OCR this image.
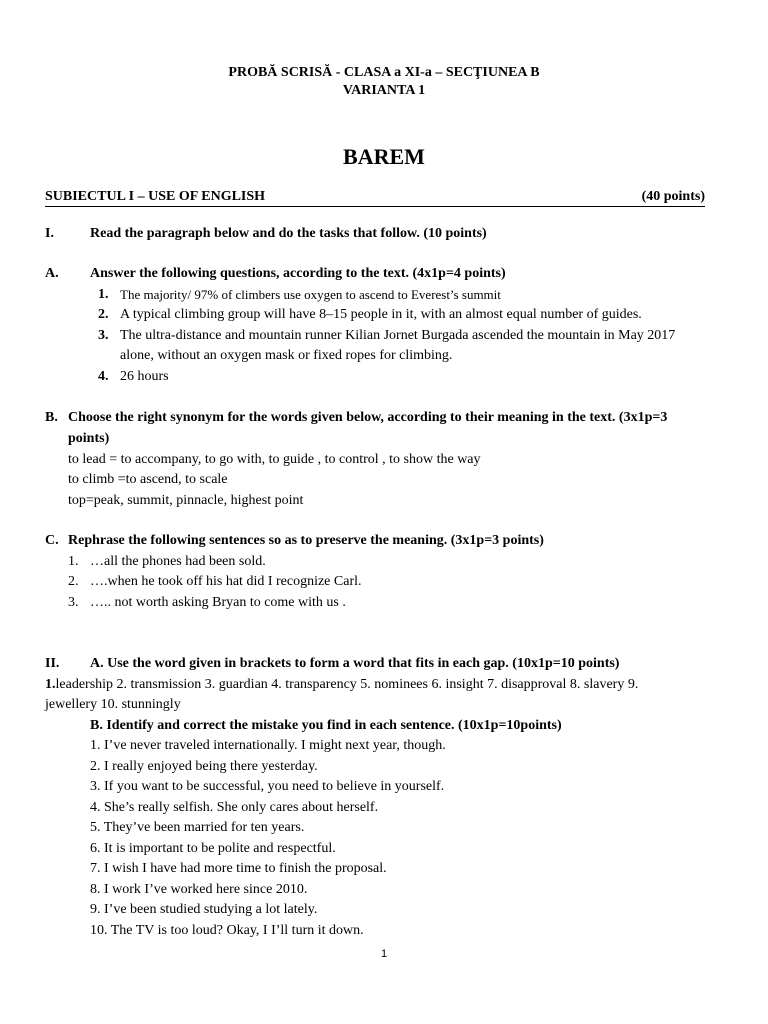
PROBĂ SCRISĂ - CLASA a XI-a – SECŢIUNEA B
VARIANTA 1
BAREM
SUBIECTUL I – USE OF ENGLISH	(40 points)
I.	Read the paragraph below and do the tasks that follow. (10 points)
A. Answer the following questions, according to the text. (4x1p=4 points)
1. The majority/ 97% of climbers use oxygen to ascend to Everest’s summit
2. A typical climbing group will have 8–15 people in it, with an almost equal number of guides.
3. The ultra-distance and mountain runner Kilian Jornet Burgada ascended the mountain in May 2017
alone, without an oxygen mask or fixed ropes for climbing.
4. 26 hours
B. Choose the right synonym for the words given below, according to their meaning in the text. (3x1p=3
points)
to lead = to accompany, to go with, to guide , to control , to show the way
to climb =to ascend, to scale
top=peak, summit, pinnacle, highest point
C. Rephrase the following sentences so as to preserve the meaning. (3x1p=3 points)
1. …all the phones had been sold.
2. ….when he took off his hat did I recognize Carl.
3. ….. not worth asking Bryan to come with us .
II. A. Use the word given in brackets to form a word that fits in each gap. (10x1p=10 points)
1.leadership 2. transmission 3. guardian 4. transparency 5. nominees 6. insight 7. disapproval 8. slavery 9.
jewellery 10. stunningly
B. Identify and correct the mistake you find in each sentence. (10x1p=10points)
1. I’ve never traveled internationally. I might next year, though.
2. I really enjoyed being there yesterday.
3. If you want to be successful, you need to believe in yourself.
4. She’s really selfish. She only cares about herself.
5. They’ve been married for ten years.
6. It is important to be polite and respectful.
7. I wish I have had more time to finish the proposal.
8. I work I’ve worked here since 2010.
9. I’ve been studied studying a lot lately.
10. The TV is too loud? Okay, I I’ll turn it down.
1
